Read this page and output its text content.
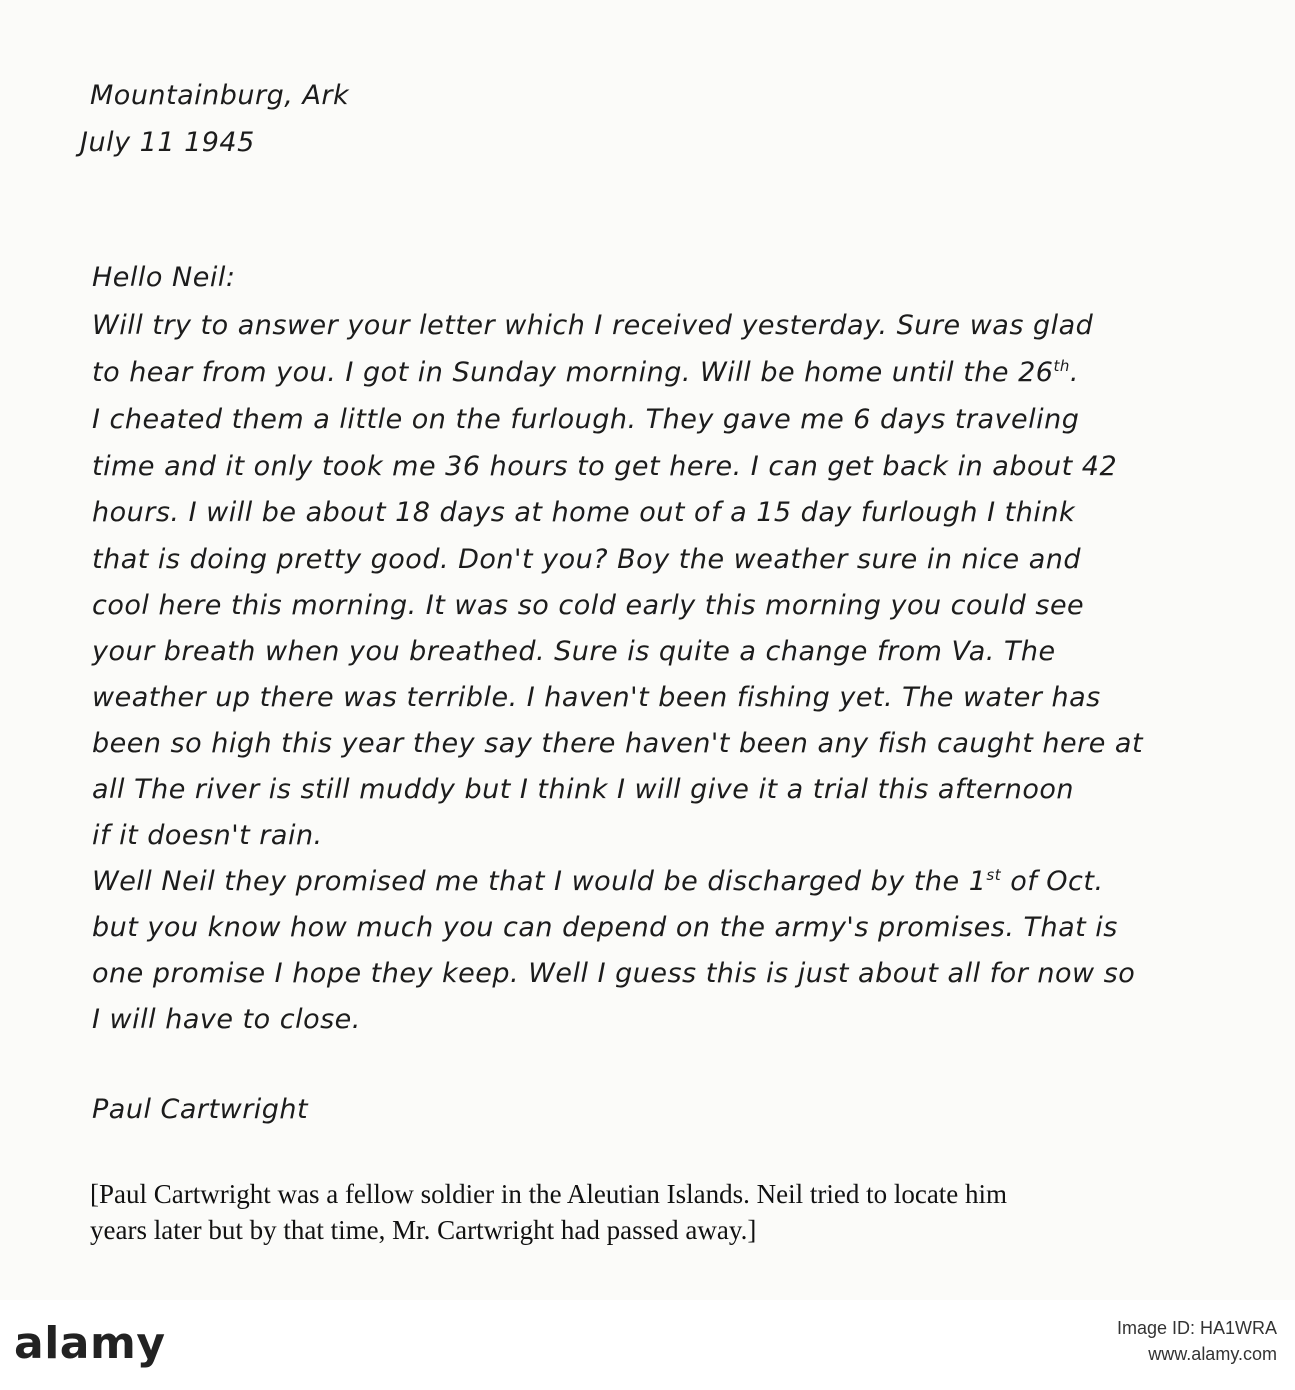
Mountainburg, Ark

July 11 1945

Hello Neil:

Will try to answer your letter which I received yesterday. Sure was glad

to hear from you. I got in Sunday morning. Will be home until the 26th.

I cheated them a little on the furlough. They gave me 6 days traveling

time and it only took me 36 hours to get here. I can get back in about 42

hours. I will be about 18 days at home out of a 15 day furlough I think

that is doing pretty good. Don't you? Boy the weather sure in nice and

cool here this morning. It was so cold early this morning you could see

your breath when you breathed. Sure is quite a change from Va. The

weather up there was terrible. I haven't been fishing yet. The water has

been so high this year they say there haven't been any fish caught here at

all The river is still muddy but I think I will give it a trial this afternoon

if it doesn't rain.

Well Neil they promised me that I would be discharged by the 1st of Oct.

but you know how much you can depend on the army's promises. That is

one promise I hope they keep. Well I guess this is just about all for now so

I will have to close.

Paul Cartwright

[Paul Cartwright was a fellow soldier in the Aleutian Islands. Neil tried to locate him

years later but by that time, Mr. Cartwright had passed away.]

alamy	Image ID: HA1WRA
www.alamy.com
